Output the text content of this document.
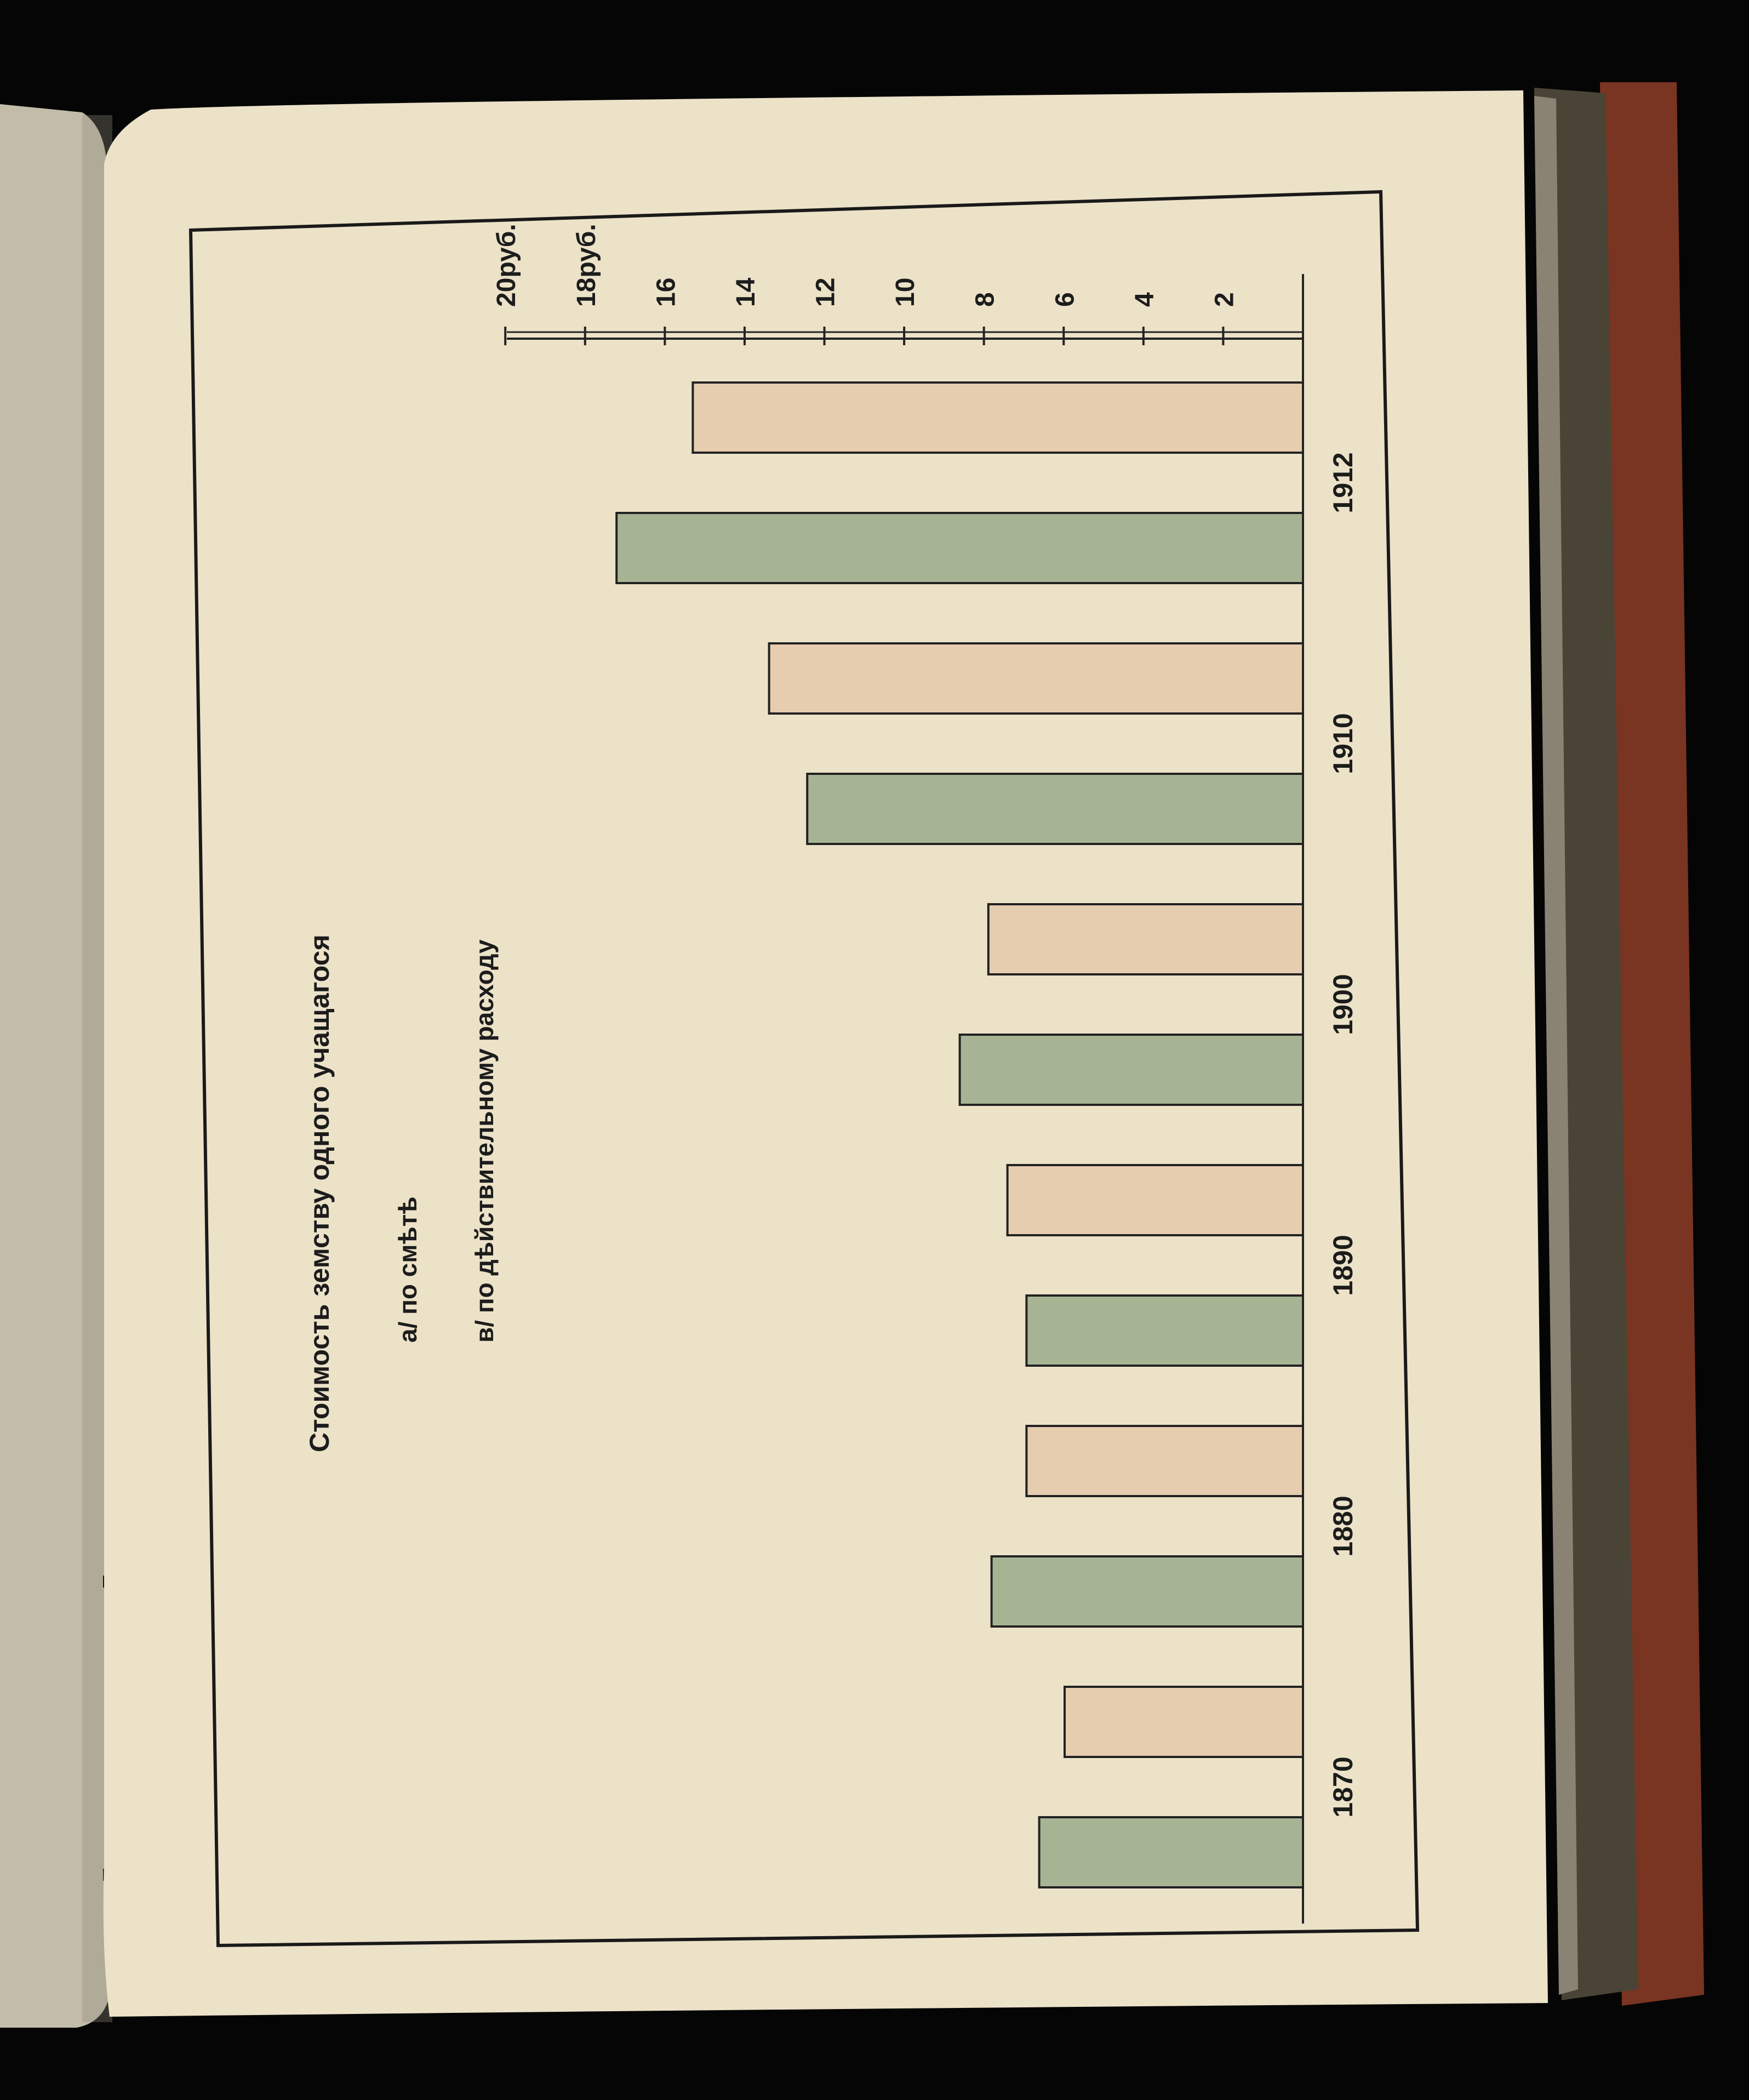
Стоимость земству одного учащагося а/ по смѣтѣ в/ по дѣйствительному расходу
2
4
6
8
10
12
14
16
18руб.
20руб.
1870
1880
1890
1900
1910
1912
